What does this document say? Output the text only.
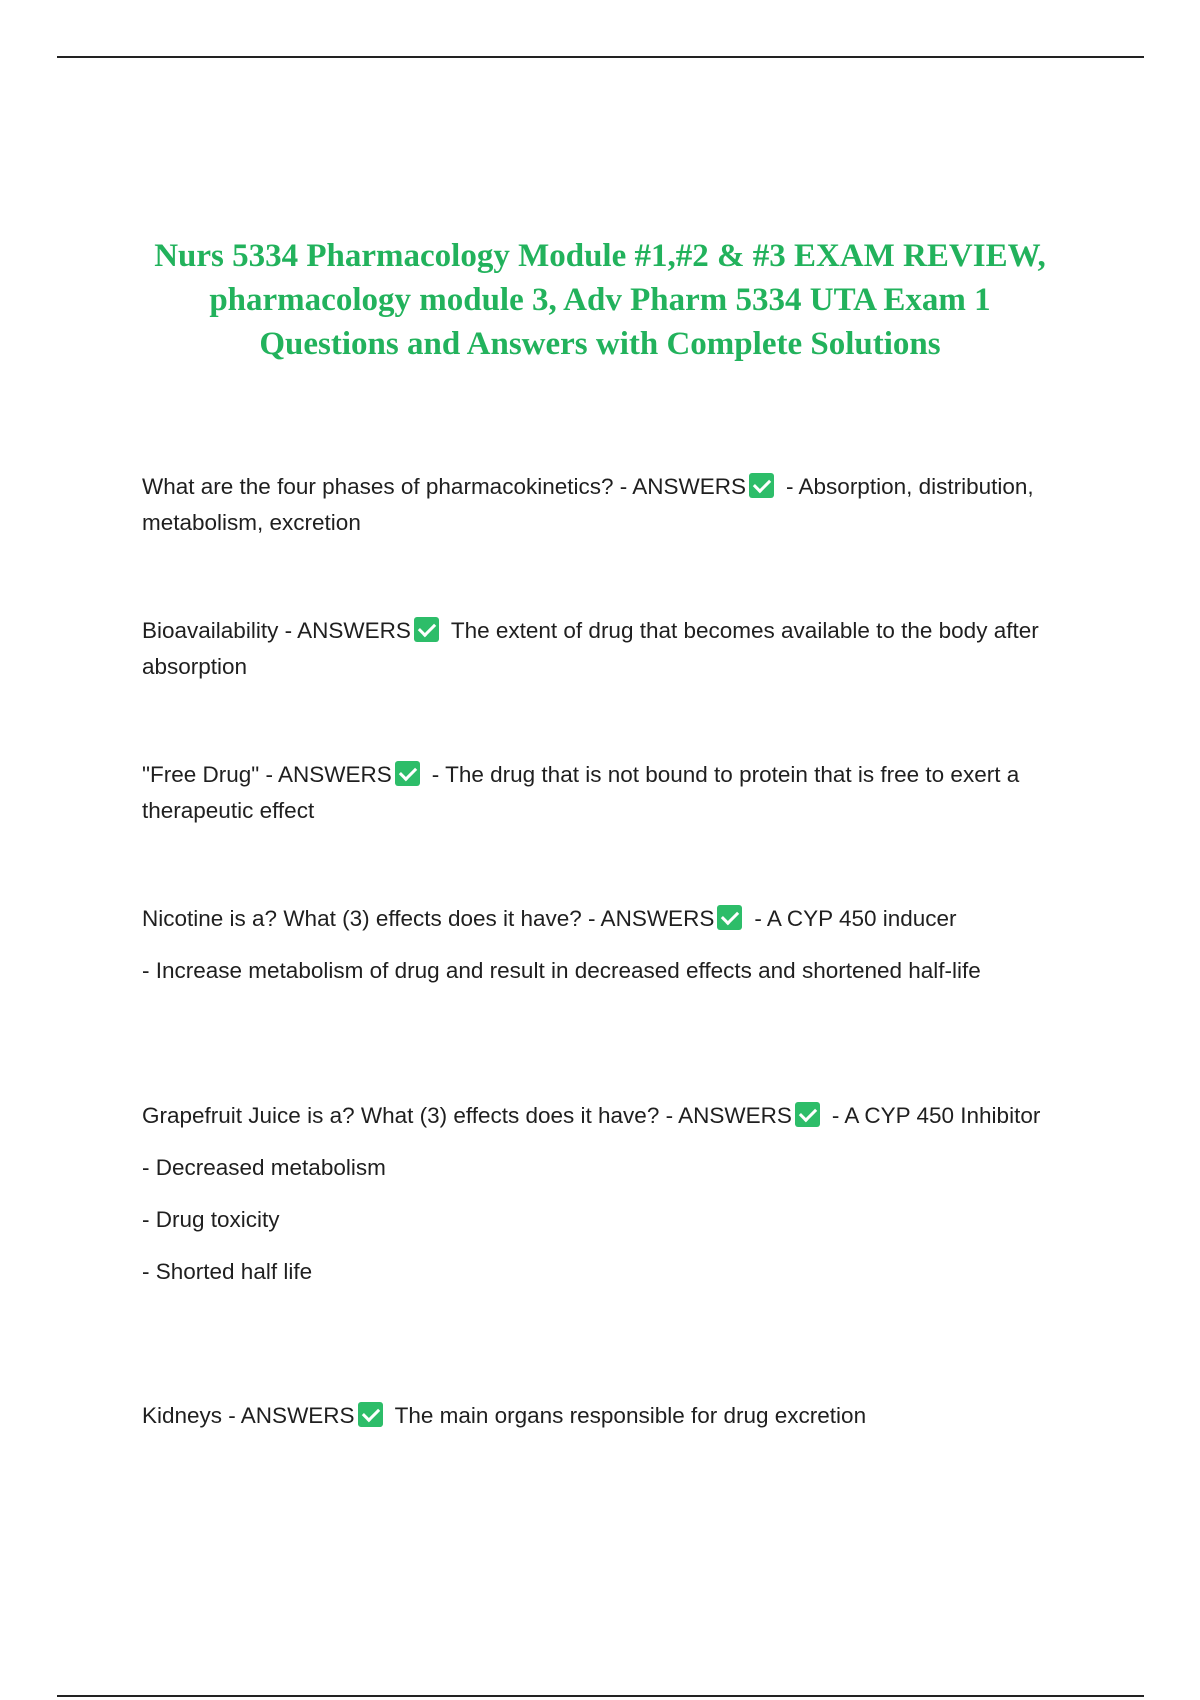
Nurs 5334 Pharmacology Module #1,#2 & #3 EXAM REVIEW, pharmacology module 3, Adv Pharm 5334 UTA Exam 1 Questions and Answers with Complete Solutions

What are the four phases of pharmacokinetics? - ANSWERS - Absorption, distribution, metabolism, excretion

Bioavailability - ANSWERS The extent of drug that becomes available to the body after absorption

"Free Drug" - ANSWERS - The drug that is not bound to protein that is free to exert a therapeutic effect

Nicotine is a? What (3) effects does it have? - ANSWERS - A CYP 450 inducer

- Increase metabolism of drug and result in decreased effects and shortened half-life

Grapefruit Juice is a? What (3) effects does it have? - ANSWERS - A CYP 450 Inhibitor

- Decreased metabolism

- Drug toxicity

- Shorted half life

Kidneys - ANSWERS The main organs responsible for drug excretion
